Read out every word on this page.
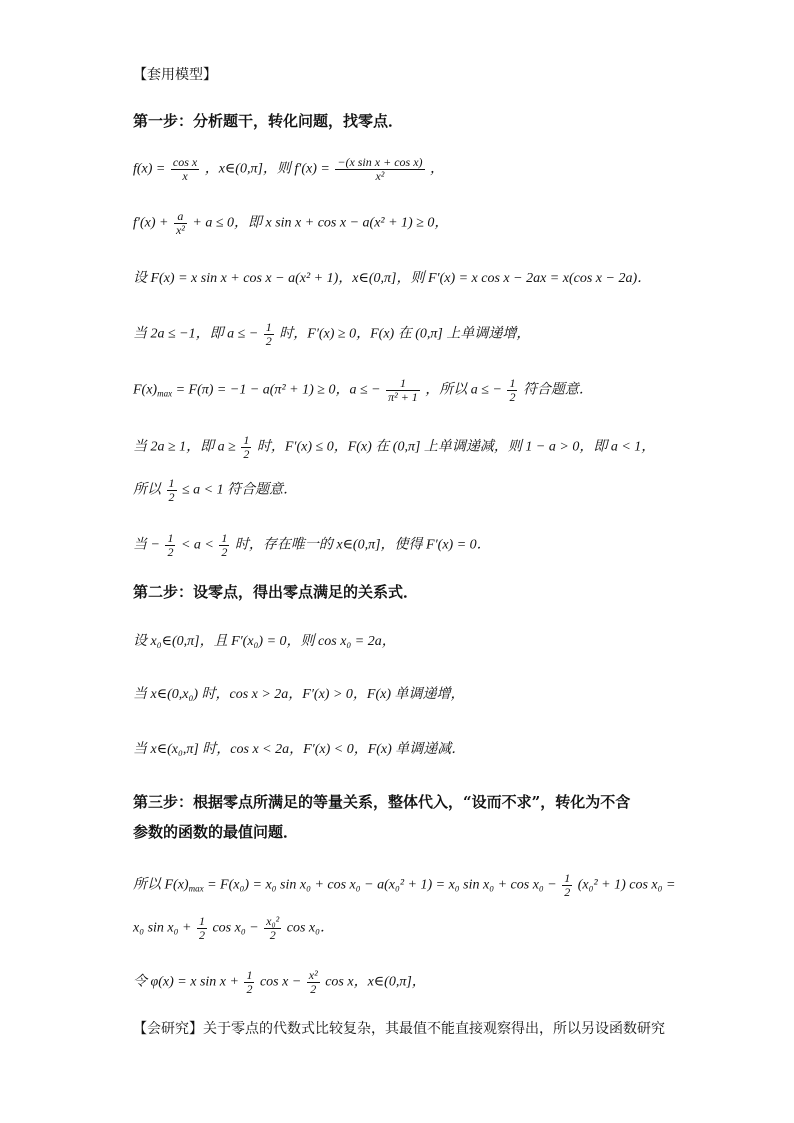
【套用模型】
第一步：分析题干，转化问题，找零点．
$f(x) = \frac{\text{cos x}}{x}$ ，x∈(0,π]，则 $f'(x) = \frac{\text{−(x sin x + cos x)}}{\text{x²}}$ ，
$f'(x) + \frac{a}{\text{x²}} + a \le 0$，即 x sin x + cos x − a(x² + 1) ≥ 0，
设 F(x) = x sin x + cos x − a(x² + 1)，x∈(0,π]，则 F′(x) = x cos x − 2ax = x(cos x − 2a)．
当 2a ≤ −1，即 a ≤ − $\frac{1}{2}$ 时，F′(x) ≥ 0，F(x) 在 (0,π] 上单调递增，
$F(x)_{max} = F(\pi) = -1 - a(\pi^2 + 1) \ge 0$，a ≤ − $\frac{1}{\text{π² + 1}}$ ，所以 a ≤ − $\frac{1}{2}$ 符合题意．
当 2a ≥ 1，即 $a \ge \frac{1}{2}$ 时，F′(x) ≤ 0，F(x) 在 (0,π] 上单调递减，则 1 − a > 0，即 a < 1，
所以 $\frac{1}{2} \le a < 1$ 符合题意．
当 − $\frac{1}{2} < a < \frac{1}{2}$ 时，存在唯一的 x∈(0,π]，使得 F′(x) = 0．
第二步：设零点，得出零点满足的关系式．
设 x₀∈(0,π]，且 F′(x₀) = 0，则 cos x₀ = 2a，
当 x∈(0,x₀) 时，cos x > 2a，F′(x) > 0，F(x) 单调递增，
当 x∈(x₀,π] 时，cos x < 2a，F′(x) < 0，F(x) 单调递减．
第三步：根据零点所满足的等量关系，整体代入，“设而不求”，转化为不含
参数的函数的最值问题．
所以 $F(x)_{max} = F(x_0) = x_0$ sin x₀ + cos x₀ − a(x₀² + 1) = x₀ $\sin x_0 + \cos x_0 - \frac{1}{2} (x_0^2 + 1)$ cos x₀ =
x₀ $\sin x_0 + \frac{1}{2}$ $\cos x_0 - \frac{\text{x₀²}}{2}$ cos x₀．
令 φ(x) = x $\sin x + \frac{1}{2}$ $\cos x - \frac{\text{x²}}{2}$ cos x，x∈(0,π]，
【会研究】关于零点的代数式比较复杂，其最值不能直接观察得出，所以另设函数研究
